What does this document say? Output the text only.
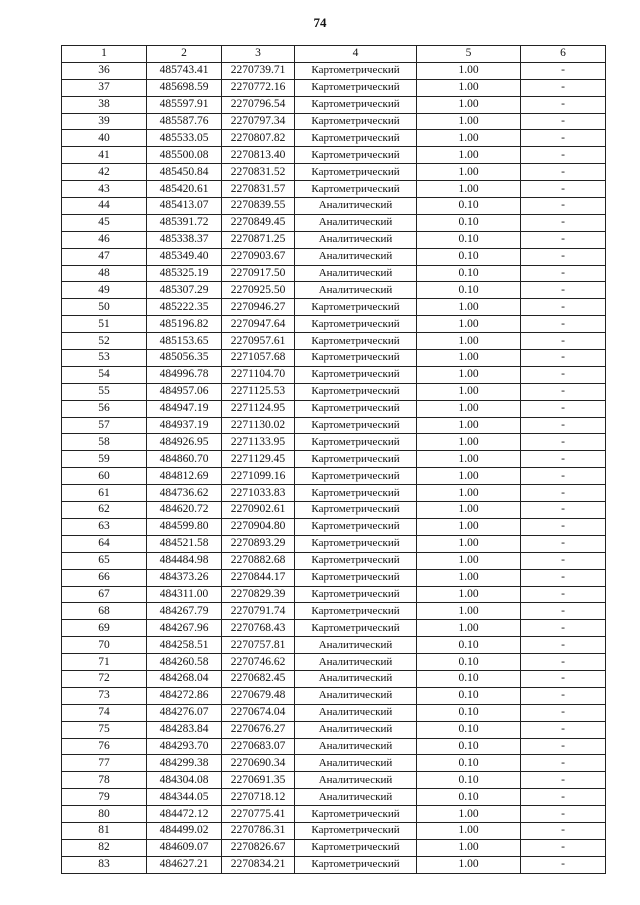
74
1	2	3	4	5	6
36	485743.41	2270739.71	Картометрический	1.00	-
37	485698.59	2270772.16	Картометрический	1.00	-
38	485597.91	2270796.54	Картометрический	1.00	-
39	485587.76	2270797.34	Картометрический	1.00	-
40	485533.05	2270807.82	Картометрический	1.00	-
41	485500.08	2270813.40	Картометрический	1.00	-
42	485450.84	2270831.52	Картометрический	1.00	-
43	485420.61	2270831.57	Картометрический	1.00	-
44	485413.07	2270839.55	Аналитический	0.10	-
45	485391.72	2270849.45	Аналитический	0.10	-
46	485338.37	2270871.25	Аналитический	0.10	-
47	485349.40	2270903.67	Аналитический	0.10	-
48	485325.19	2270917.50	Аналитический	0.10	-
49	485307.29	2270925.50	Аналитический	0.10	-
50	485222.35	2270946.27	Картометрический	1.00	-
51	485196.82	2270947.64	Картометрический	1.00	-
52	485153.65	2270957.61	Картометрический	1.00	-
53	485056.35	2271057.68	Картометрический	1.00	-
54	484996.78	2271104.70	Картометрический	1.00	-
55	484957.06	2271125.53	Картометрический	1.00	-
56	484947.19	2271124.95	Картометрический	1.00	-
57	484937.19	2271130.02	Картометрический	1.00	-
58	484926.95	2271133.95	Картометрический	1.00	-
59	484860.70	2271129.45	Картометрический	1.00	-
60	484812.69	2271099.16	Картометрический	1.00	-
61	484736.62	2271033.83	Картометрический	1.00	-
62	484620.72	2270902.61	Картометрический	1.00	-
63	484599.80	2270904.80	Картометрический	1.00	-
64	484521.58	2270893.29	Картометрический	1.00	-
65	484484.98	2270882.68	Картометрический	1.00	-
66	484373.26	2270844.17	Картометрический	1.00	-
67	484311.00	2270829.39	Картометрический	1.00	-
68	484267.79	2270791.74	Картометрический	1.00	-
69	484267.96	2270768.43	Картометрический	1.00	-
70	484258.51	2270757.81	Аналитический	0.10	-
71	484260.58	2270746.62	Аналитический	0.10	-
72	484268.04	2270682.45	Аналитический	0.10	-
73	484272.86	2270679.48	Аналитический	0.10	-
74	484276.07	2270674.04	Аналитический	0.10	-
75	484283.84	2270676.27	Аналитический	0.10	-
76	484293.70	2270683.07	Аналитический	0.10	-
77	484299.38	2270690.34	Аналитический	0.10	-
78	484304.08	2270691.35	Аналитический	0.10	-
79	484344.05	2270718.12	Аналитический	0.10	-
80	484472.12	2270775.41	Картометрический	1.00	-
81	484499.02	2270786.31	Картометрический	1.00	-
82	484609.07	2270826.67	Картометрический	1.00	-
83	484627.21	2270834.21	Картометрический	1.00	-
